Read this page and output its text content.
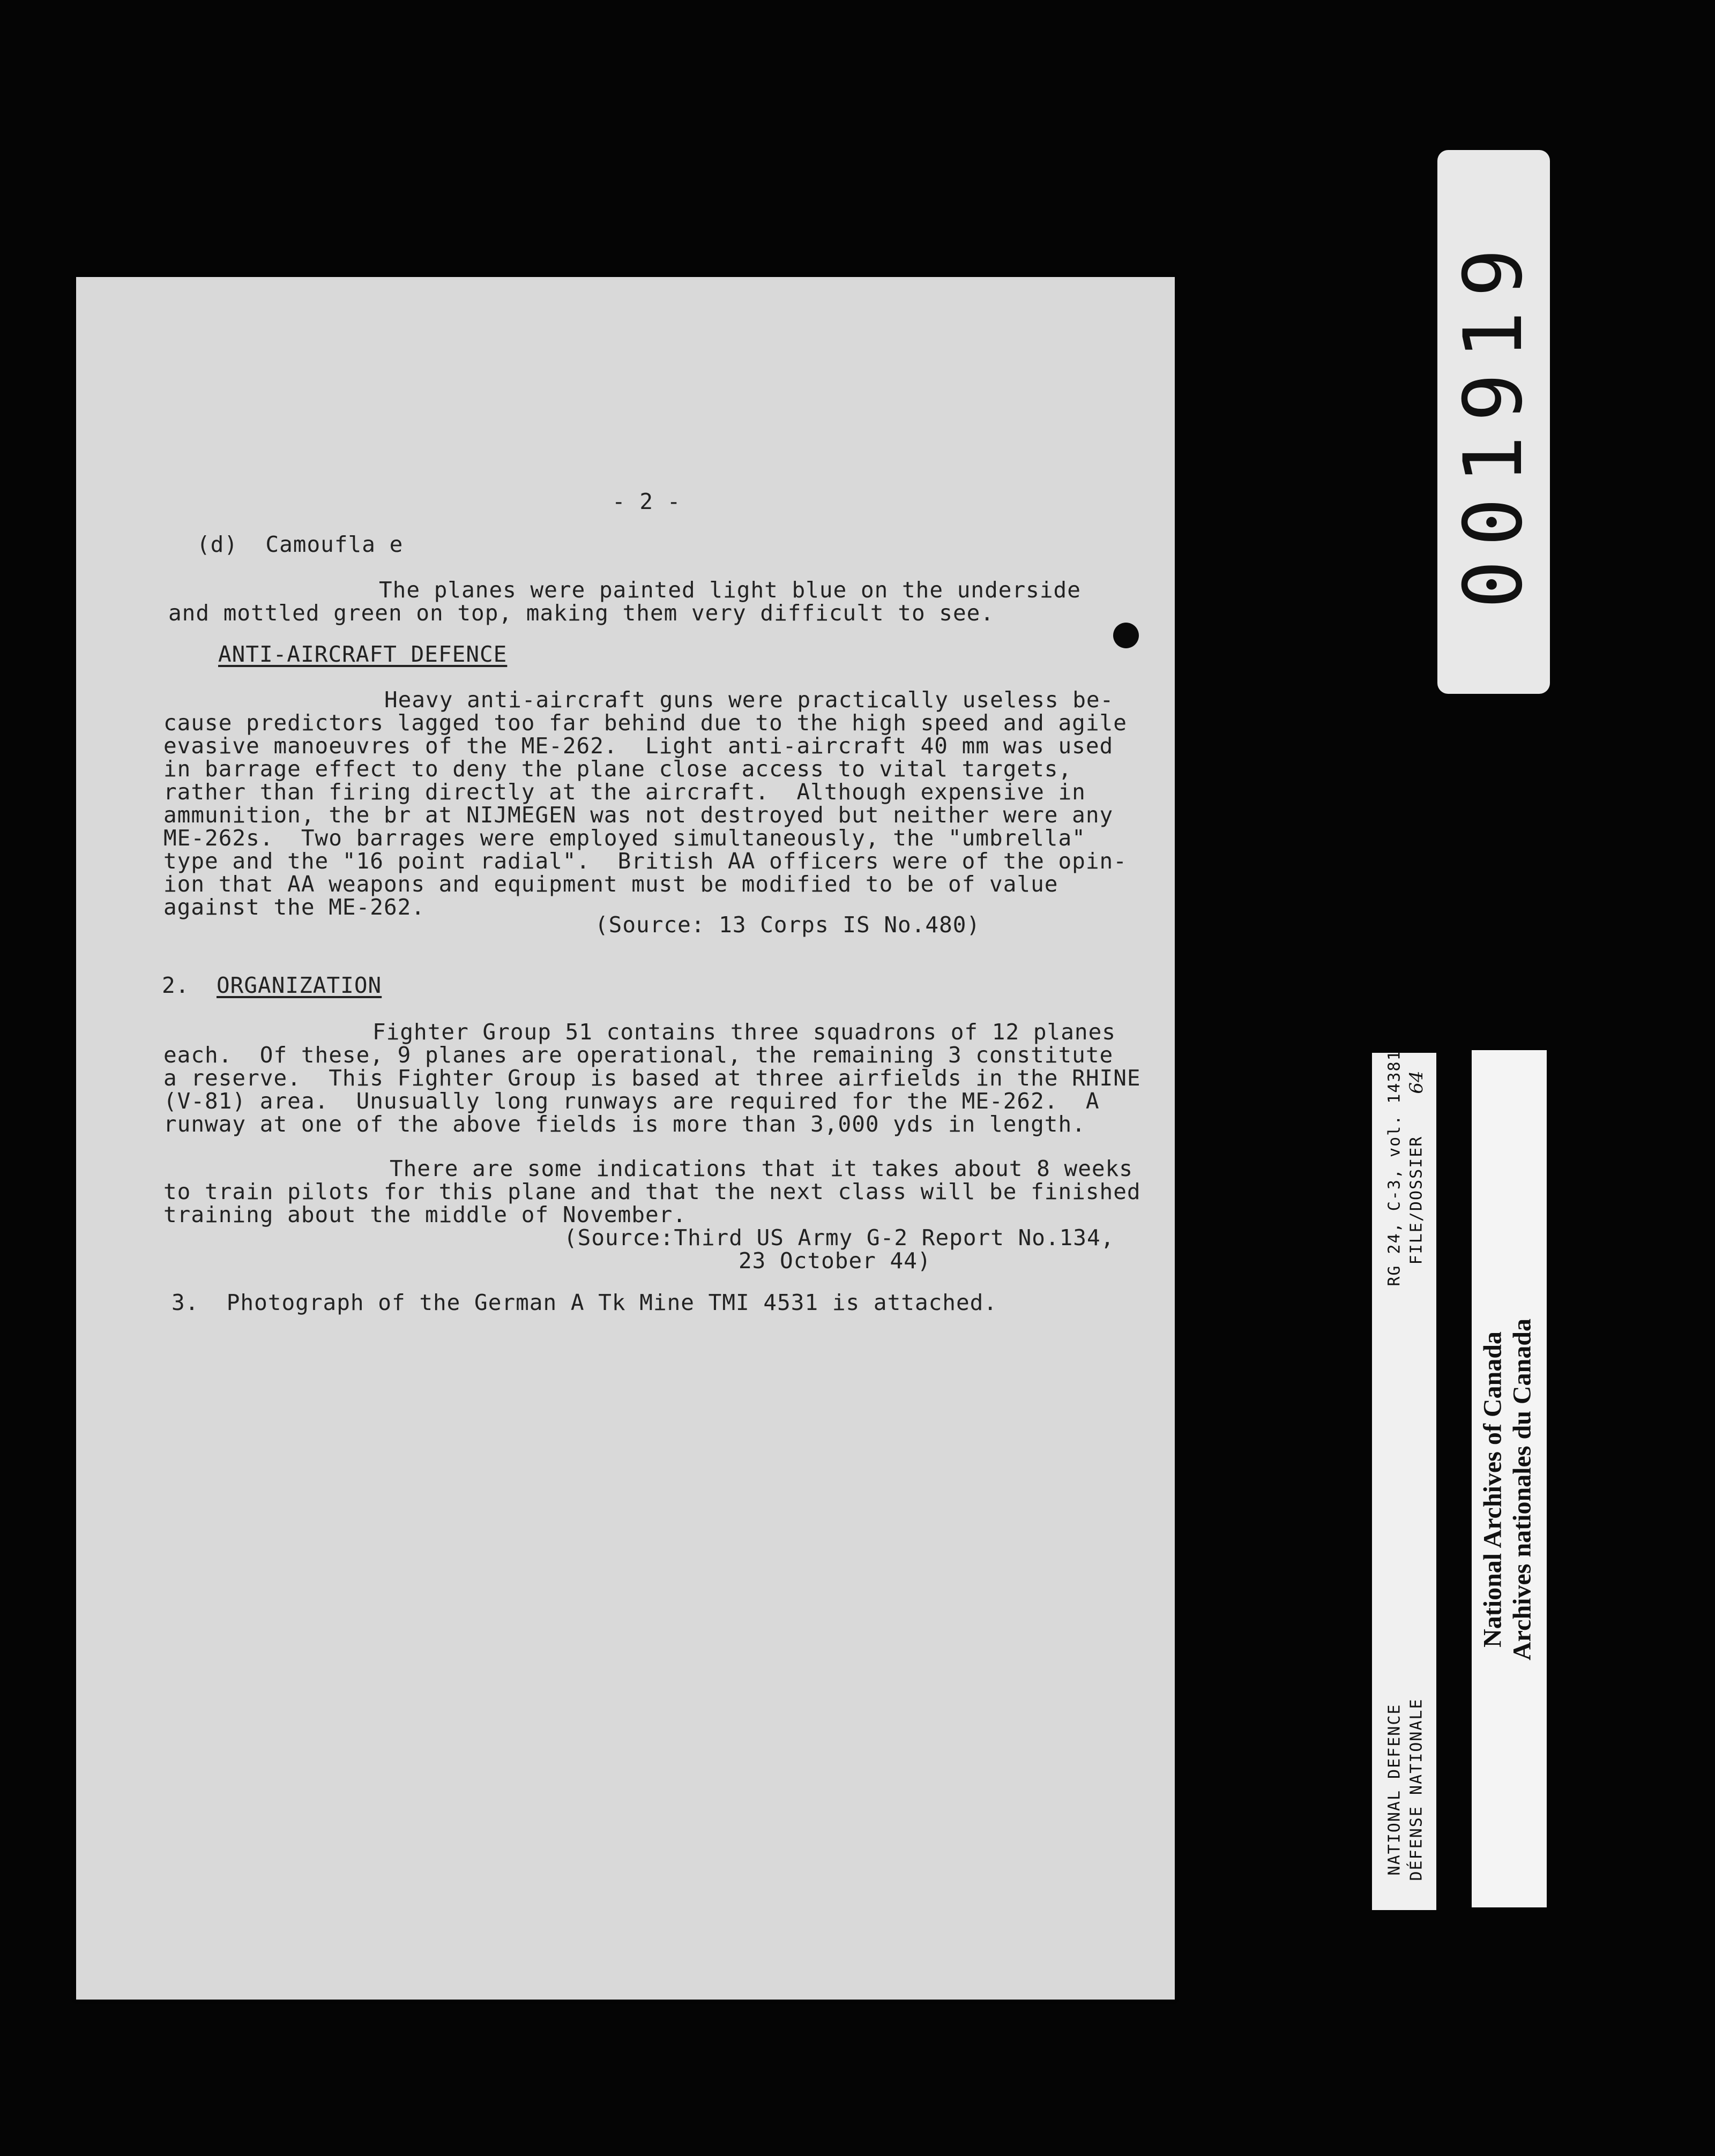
- 2 -
(d)  Camoufla e
The planes were painted light blue on the underside
and mottled green on top, making them very difficult to see.
ANTI-AIRCRAFT DEFENCE
Heavy anti-aircraft guns were practically useless be-
cause predictors lagged too far behind due to the high speed and agile
evasive manoeuvres of the ME-262.  Light anti-aircraft 40 mm was used
in barrage effect to deny the plane close access to vital targets,
rather than firing directly at the aircraft.  Although expensive in
ammunition, the br at NIJMEGEN was not destroyed but neither were any
ME-262s.  Two barrages were employed simultaneously, the "umbrella"
type and the "16 point radial".  British AA officers were of the opin-
ion that AA weapons and equipment must be modified to be of value
against the ME-262.
(Source: 13 Corps IS No.480)
2. ORGANIZATION
Fighter Group 51 contains three squadrons of 12 planes
each.  Of these, 9 planes are operational, the remaining 3 constitute
a reserve.  This Fighter Group is based at three airfields in the RHINE
(V-81) area.  Unusually long runways are required for the ME-262.  A
runway at one of the above fields is more than 3,000 yds in length.
There are some indications that it takes about 8 weeks
to train pilots for this plane and that the next class will be finished
training about the middle of November.
(Source:Third US Army G-2 Report No.134,
23 October 44)
3.  Photograph of the German A Tk Mine TMI 4531 is attached.
001919
NATIONAL DEFENCE DÉFENSE NATIONALE
RG 24, C-3, vol. 14381 FILE/DOSSIER
64
National Archives of Canada Archives nationales du Canada
